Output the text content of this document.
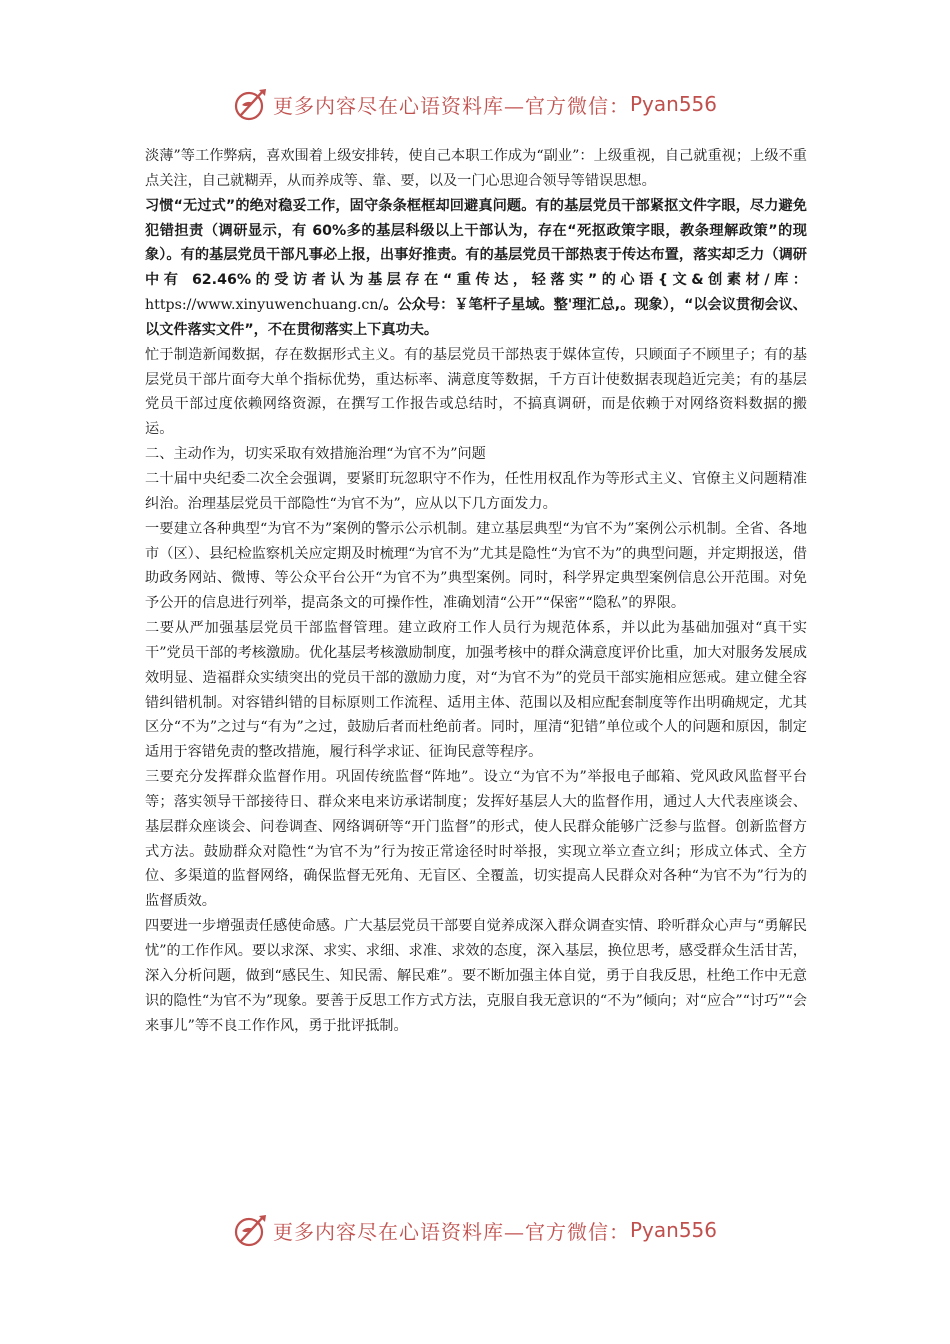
更多内容尽在心语资料库—官方微信： Pyan556

淡薄”等工作弊病，喜欢围着上级安排转，使自己本职工作成为“副业”：上级重视，自己就重视；上级不重点关注，自己就糊弄，从而养成等、靠、要，以及一门心思迎合领导等错误思想。

习惯“无过式”的绝对稳妥工作，固守条条框框却回避真问题。有的基层党员干部紧抠文件字眼，尽力避免犯错担责（调研显示，有 60%多的基层科级以上干部认为，存在“死抠政策字眼，教条理解政策”的现象）。有的基层党员干部凡事必上报，出事好推责。有的基层党员干部热衷于传达布置，落实却乏力（调研中有 62.46%的受访者认为基层存在“重传达，轻落实”的心语{文&创素材/库：https://www.xinyuwenchuang.cn/。公众号：￥笔杆子星域。整'理汇总,。现象），“以会议贯彻会议、以文件落实文件”，不在贯彻落实上下真功夫。

忙于制造新闻数据，存在数据形式主义。有的基层党员干部热衷于媒体宣传，只顾面子不顾里子；有的基层党员干部片面夸大单个指标优势，重达标率、满意度等数据，千方百计使数据表现趋近完美；有的基层党员干部过度依赖网络资源，在撰写工作报告或总结时，不搞真调研，而是依赖于对网络资料数据的搬运。

二、主动作为，切实采取有效措施治理“为官不为”问题

二十届中央纪委二次全会强调，要紧盯玩忽职守不作为，任性用权乱作为等形式主义、官僚主义问题精准纠治。治理基层党员干部隐性“为官不为”，应从以下几方面发力。

一要建立各种典型“为官不为”案例的警示公示机制。建立基层典型“为官不为”案例公示机制。全省、各地市（区）、县纪检监察机关应定期及时梳理“为官不为”尤其是隐性“为官不为”的典型问题，并定期报送，借助政务网站、微博、等公众平台公开“为官不为”典型案例。同时，科学界定典型案例信息公开范围。对免予公开的信息进行列举，提高条文的可操作性，准确划清“公开”“保密”“隐私”的界限。

二要从严加强基层党员干部监督管理。建立政府工作人员行为规范体系，并以此为基础加强对“真干实干”党员干部的考核激励。优化基层考核激励制度，加强考核中的群众满意度评价比重，加大对服务发展成效明显、造福群众实绩突出的党员干部的激励力度，对“为官不为”的党员干部实施相应惩戒。建立健全容错纠错机制。对容错纠错的目标原则工作流程、适用主体、范围以及相应配套制度等作出明确规定，尤其区分“不为”之过与“有为”之过，鼓励后者而杜绝前者。同时，厘清“犯错”单位或个人的问题和原因，制定适用于容错免责的整改措施，履行科学求证、征询民意等程序。

三要充分发挥群众监督作用。巩固传统监督“阵地”。设立“为官不为”举报电子邮箱、党风政风监督平台等；落实领导干部接待日、群众来电来访承诺制度；发挥好基层人大的监督作用，通过人大代表座谈会、基层群众座谈会、问卷调查、网络调研等“开门监督”的形式，使人民群众能够广泛参与监督。创新监督方式方法。鼓励群众对隐性“为官不为”行为按正常途径时时举报，实现立举立查立纠；形成立体式、全方位、多渠道的监督网络，确保监督无死角、无盲区、全覆盖，切实提高人民群众对各种“为官不为”行为的监督质效。

四要进一步增强责任感使命感。广大基层党员干部要自觉养成深入群众调查实情、聆听群众心声与“勇解民忧”的工作作风。要以求深、求实、求细、求准、求效的态度，深入基层，换位思考，感受群众生活甘苦，深入分析问题，做到“感民生、知民需、解民难”。要不断加强主体自觉，勇于自我反思，杜绝工作中无意识的隐性“为官不为”现象。要善于反思工作方式方法，克服自我无意识的“不为”倾向；对“应合”“讨巧”“会来事儿”等不良工作作风，勇于批评抵制。

更多内容尽在心语资料库—官方微信： Pyan556
